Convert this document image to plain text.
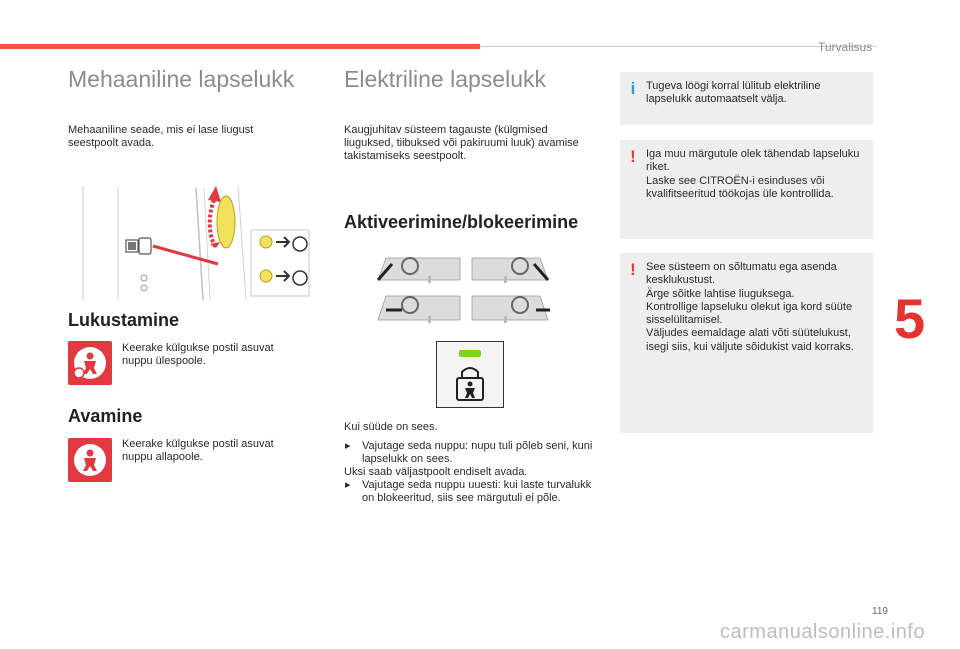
Turvalisus
Mehaaniline lapselukk
Mehaaniline seade, mis ei lase liugust seestpoolt avada.
Lukustamine
Keerake külgukse postil asuvat nuppu ülespoole.
Avamine
Keerake külgukse postil asuvat nuppu allapoole.
Elektriline lapselukk
Kaugjuhitav süsteem tagauste (külgmised liuguksed, tiibuksed või pakiruumi luuk) avamise takistamiseks seestpoolt.
Aktiveerimine/blokeerimine
Kui süüde on sees.
▸ Vajutage seda nuppu: nupu tuli põleb seni, kuni lapselukk on sees.
Uksi saab väljastpoolt endiselt avada.
▸ Vajutage seda nuppu uuesti: kui laste turvalukk on blokeeritud, siis see märgutuli ei põle.
i Tugeva löögi korral lülitub elektriline lapselukk automaatselt välja.
! Iga muu märgutule olek tähendab lapseluku riket.
Laske see CITROËN-i esinduses või kvalifitseeritud töökojas üle kontrollida.
! See süsteem on sõltumatu ega asenda kesklukustust.
Ärge sõitke lahtise liuguksega.
Kontrollige lapseluku olekut iga kord süüte sisselülitamisel.
Väljudes eemaldage alati võti süütelukust, isegi siis, kui väljute sõidukist vaid korraks. 5
119
carmanualsonline.info
